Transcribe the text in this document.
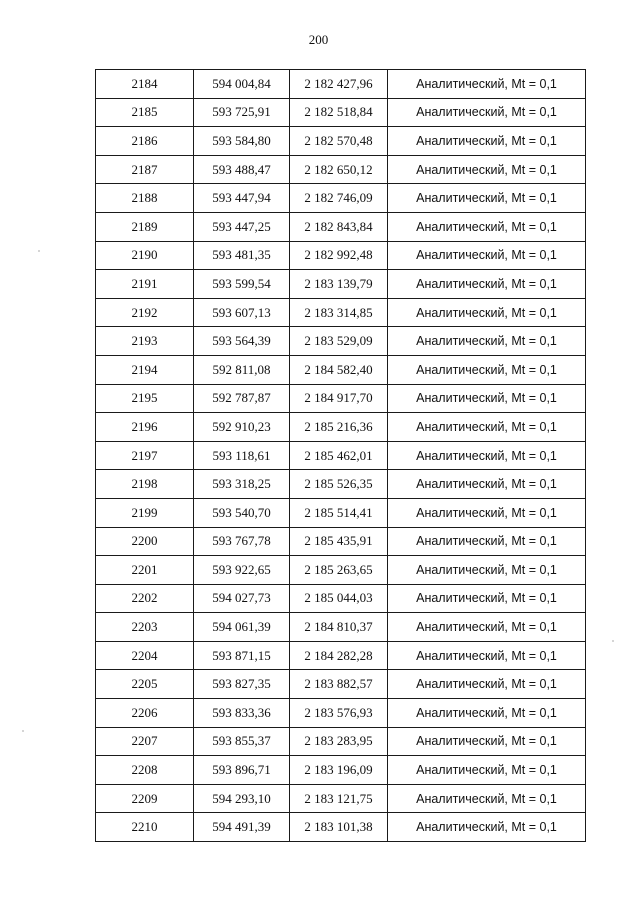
200
2184	594 004,84	2 182 427,96	Аналитический, Mt = 0,1
2185	593 725,91	2 182 518,84	Аналитический, Mt = 0,1
2186	593 584,80	2 182 570,48	Аналитический, Mt = 0,1
2187	593 488,47	2 182 650,12	Аналитический, Mt = 0,1
2188	593 447,94	2 182 746,09	Аналитический, Mt = 0,1
2189	593 447,25	2 182 843,84	Аналитический, Mt = 0,1
2190	593 481,35	2 182 992,48	Аналитический, Mt = 0,1
2191	593 599,54	2 183 139,79	Аналитический, Mt = 0,1
2192	593 607,13	2 183 314,85	Аналитический, Mt = 0,1
2193	593 564,39	2 183 529,09	Аналитический, Mt = 0,1
2194	592 811,08	2 184 582,40	Аналитический, Mt = 0,1
2195	592 787,87	2 184 917,70	Аналитический, Mt = 0,1
2196	592 910,23	2 185 216,36	Аналитический, Mt = 0,1
2197	593 118,61	2 185 462,01	Аналитический, Mt = 0,1
2198	593 318,25	2 185 526,35	Аналитический, Mt = 0,1
2199	593 540,70	2 185 514,41	Аналитический, Mt = 0,1
2200	593 767,78	2 185 435,91	Аналитический, Mt = 0,1
2201	593 922,65	2 185 263,65	Аналитический, Mt = 0,1
2202	594 027,73	2 185 044,03	Аналитический, Mt = 0,1
2203	594 061,39	2 184 810,37	Аналитический, Mt = 0,1
2204	593 871,15	2 184 282,28	Аналитический, Mt = 0,1
2205	593 827,35	2 183 882,57	Аналитический, Mt = 0,1
2206	593 833,36	2 183 576,93	Аналитический, Mt = 0,1
2207	593 855,37	2 183 283,95	Аналитический, Mt = 0,1
2208	593 896,71	2 183 196,09	Аналитический, Mt = 0,1
2209	594 293,10	2 183 121,75	Аналитический, Mt = 0,1
2210	594 491,39	2 183 101,38	Аналитический, Mt = 0,1
